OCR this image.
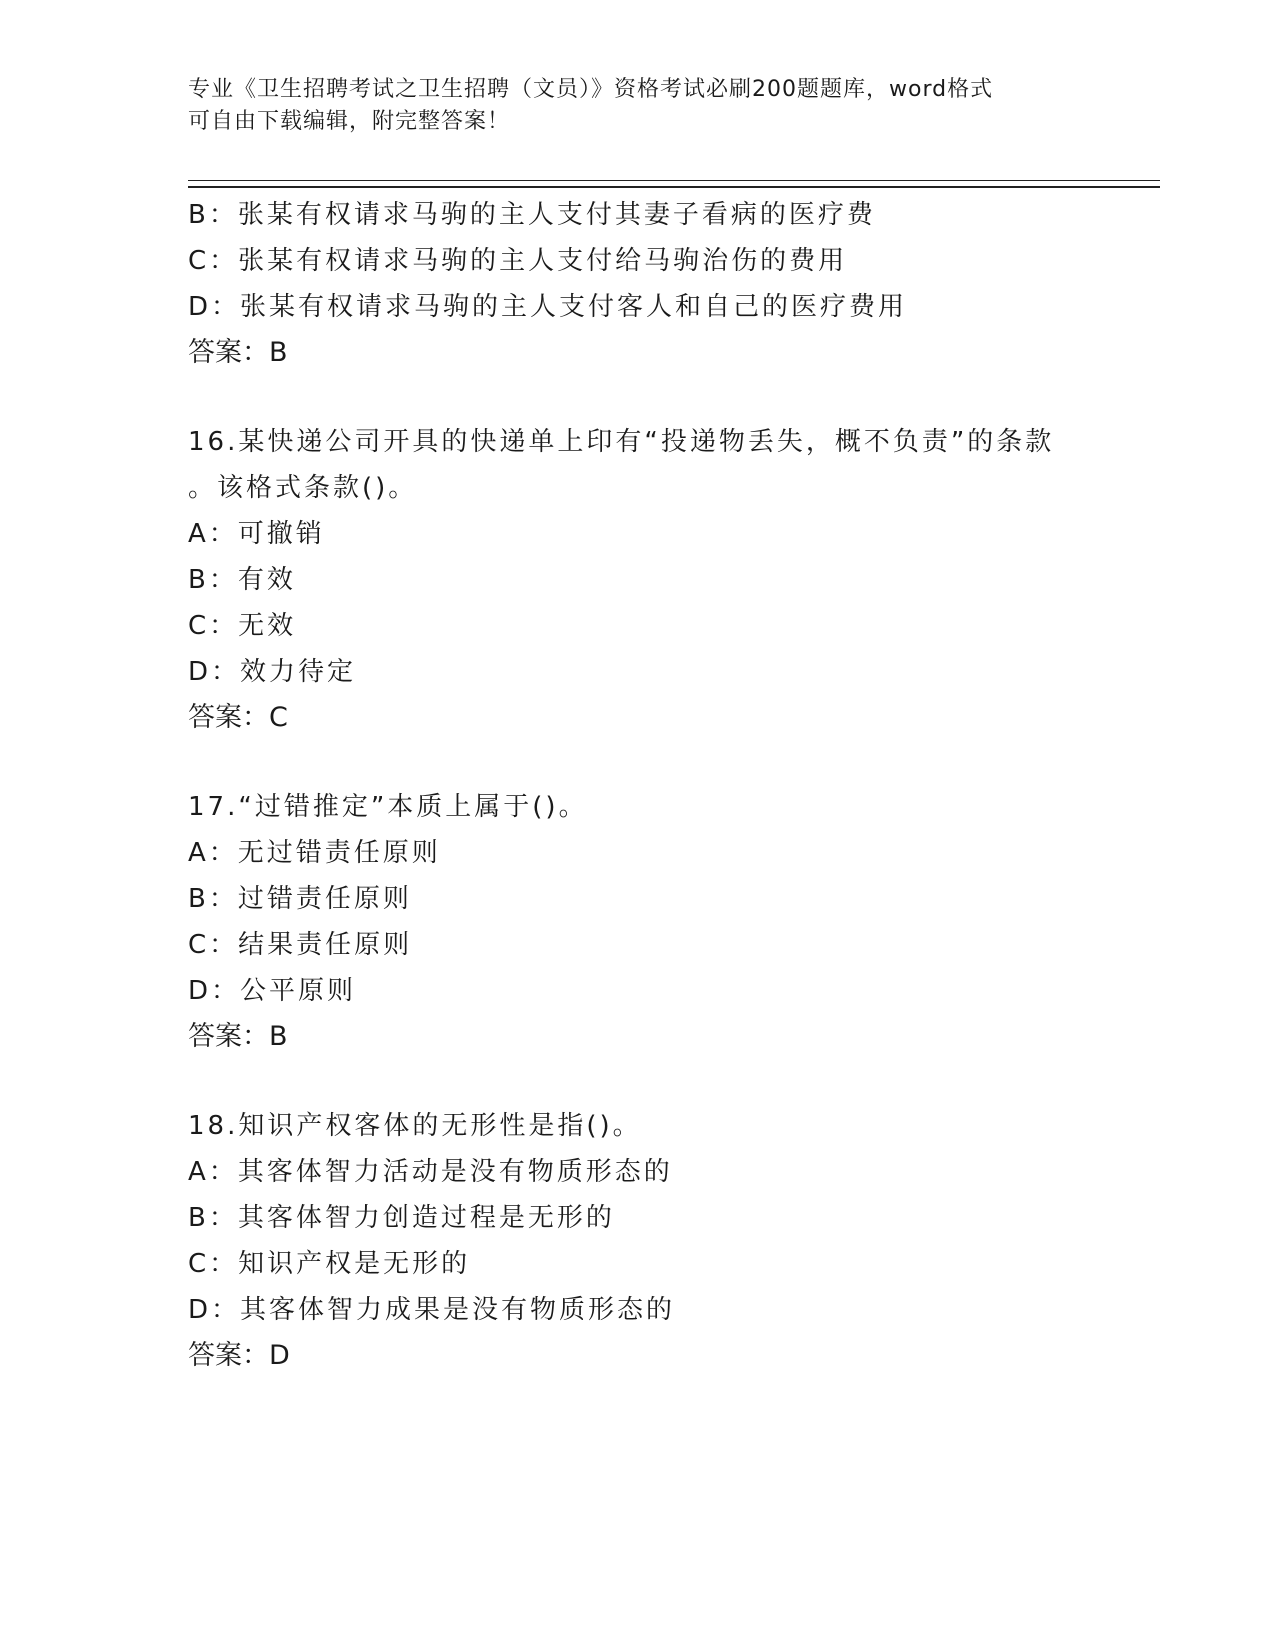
专业《卫生招聘考试之卫生招聘（文员）》资格考试必刷200题题库，word格式
可自由下载编辑，附完整答案！
B：张某有权请求马驹的主人支付其妻子看病的医疗费
C：张某有权请求马驹的主人支付给马驹治伤的费用
D：张某有权请求马驹的主人支付客人和自己的医疗费用
答案：B
16.某快递公司开具的快递单上印有“投递物丢失，概不负责”的条款
。该格式条款()。
A：可撤销
B：有效
C：无效
D：效力待定
答案：C
17.“过错推定”本质上属于()。
A：无过错责任原则
B：过错责任原则
C：结果责任原则
D：公平原则
答案：B
18.知识产权客体的无形性是指()。
A：其客体智力活动是没有物质形态的
B：其客体智力创造过程是无形的
C：知识产权是无形的
D：其客体智力成果是没有物质形态的
答案：D
